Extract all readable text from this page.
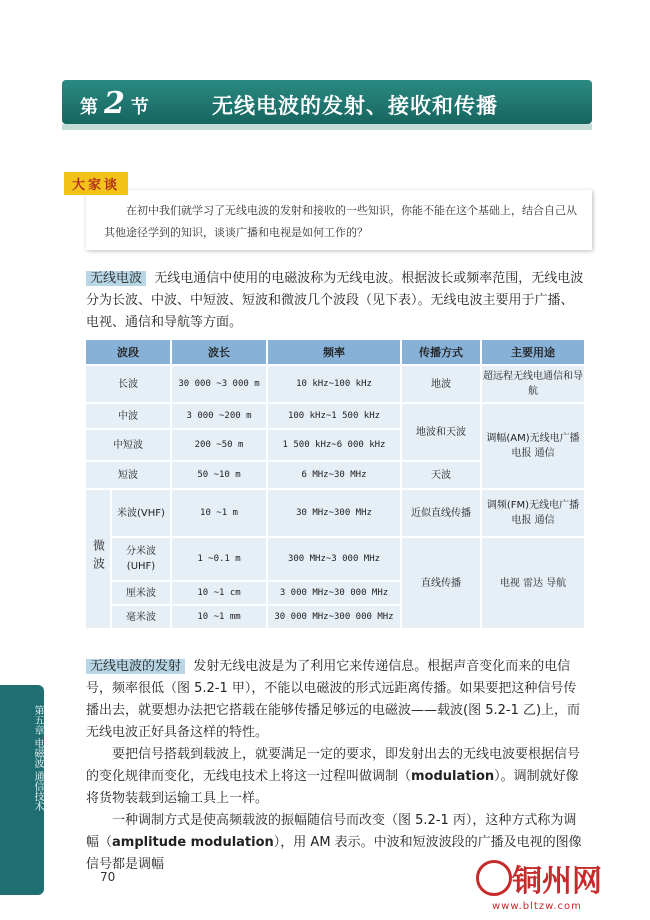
第 2 节	无线电波的发射、接收和传播
大家谈
在初中我们就学习了无线电波的发射和接收的一些知识，你能不能在这个基础上，结合自己从其他途径学到的知识，谈谈广播和电视是如何工作的？
无线电波 无线电通信中使用的电磁波称为无线电波。根据波长或频率范围，无线电波分为长波、中波、中短波、短波和微波几个波段（见下表）。无线电波主要用于广播、电视、通信和导航等方面。
波段		波长	频率	传播方式	主要用途
长波		30 000 ~3 000 m	10 kHz~100 kHz	地波	超远程无线电通信和导航
中波		3 000 ~200 m	100 kHz~1 500 kHz	地波和天波	调幅(AM)无线电广播 电报 通信
中短波		200 ~50 m	1 500 kHz~6 000 kHz		
短波		50 ~10 m	6 MHz~30 MHz	天波	
微波	米波(VHF)	10 ~1 m	30 MHz~300 MHz	近似直线传播	调频(FM)无线电广播 电报 通信
	分米波(UHF)	1 ~0.1 m	300 MHz~3 000 MHz	直线传播	电视 雷达 导航
	厘米波	10 ~1 cm	3 000 MHz~30 000 MHz		
	毫米波	10 ~1 mm	30 000 MHz~300 000 MHz		
无线电波的发射 发射无线电波是为了利用它来传递信息。根据声音变化而来的电信号，频率很低（图 5.2-1 甲），不能以电磁波的形式远距离传播。如果要把这种信号传播出去，就要想办法把它搭载在能够传播足够远的电磁波——载波(图 5.2-1 乙)上，而无线电波正好具备这样的特性。
要把信号搭载到载波上，就要满足一定的要求，即发射出去的无线电波要根据信号的变化规律而变化，无线电技术上将这一过程叫做调制（modulation）。调制就好像将货物装载到运输工具上一样。
一种调制方式是使高频载波的振幅随信号而改变（图 5.2-1 丙），这种方式称为调幅（amplitude modulation），用 AM 表示。中波和短波波段的广播及电视的图像信号都是调幅
第五章 电磁波 通信技术
70	铜州网
www.bltzw.com
